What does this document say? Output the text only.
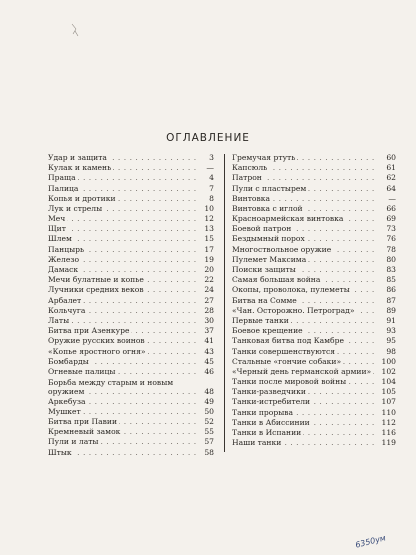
ОГЛАВЛЕНИЕ
Удар и защита . . .	3
Кулак и камень . . .	—
Праща . . .	4
Палица . . .	7
Копья и дротики . . .	8
Лук и стрелы . . .	10
Меч . . .	12
Щит . . .	13
Шлем . . .	15
Панцырь . . .	17
Железо . . .	19
Дамаск . . .	20
Мечи булатные и копье . . .	22
Лучники средних веков . . .	24
Арбалет . . .	27
Кольчуга . . .	28
Латы . . .	30
Битва при Азенкуре . . .	37
Оружие русских воинов . . .	41
«Копье яростного огня» . . .	43
Бомбарды . . .	45
Огневые палицы . . .	46
Борьба между старым и новым оружием . . .	48
Аркебуза . . .	49
Мушкет . . .	50
Битва при Павии . . .	52
Кремневый замок . . .	55
Пули и латы . . .	57
Штык . . .	58
Гремучая ртуть . . .	60
Капсюль . . .	61
Патрон . . .	62
Пули с пластырем . . .	64
Винтовка . . .	—
Винтовка с иглой . . .	66
Красноармейская винтовка . . .	69
Боевой патрон . . .	73
Бездымный порох . . .	76
Многоствольное оружие . . .	78
Пулемет Максима . . .	80
Поиски защиты . . .	83
Самая большая война . . .	85
Окопы, проволока, пулеметы . . .	86
Битва на Сомме . . .	87
«Чан. Осторожно. Петроград» . . .	89
Первые танки . . .	91
Боевое крещение . . .	93
Танковая битва под Камбре . . .	95
Танки совершенствуются . . .	98
Стальные «гончие собаки» . . .	100
«Черный день германской армии» . . .	102
Танки после мировой войны . . .	104
Танки-разведчики . . .	105
Танки-истребители . . .	107
Танки прорыва . . .	110
Танки в Абиссинии . . .	112
Танки в Испании . . .	116
Наши танки . . .	119
6350ум
